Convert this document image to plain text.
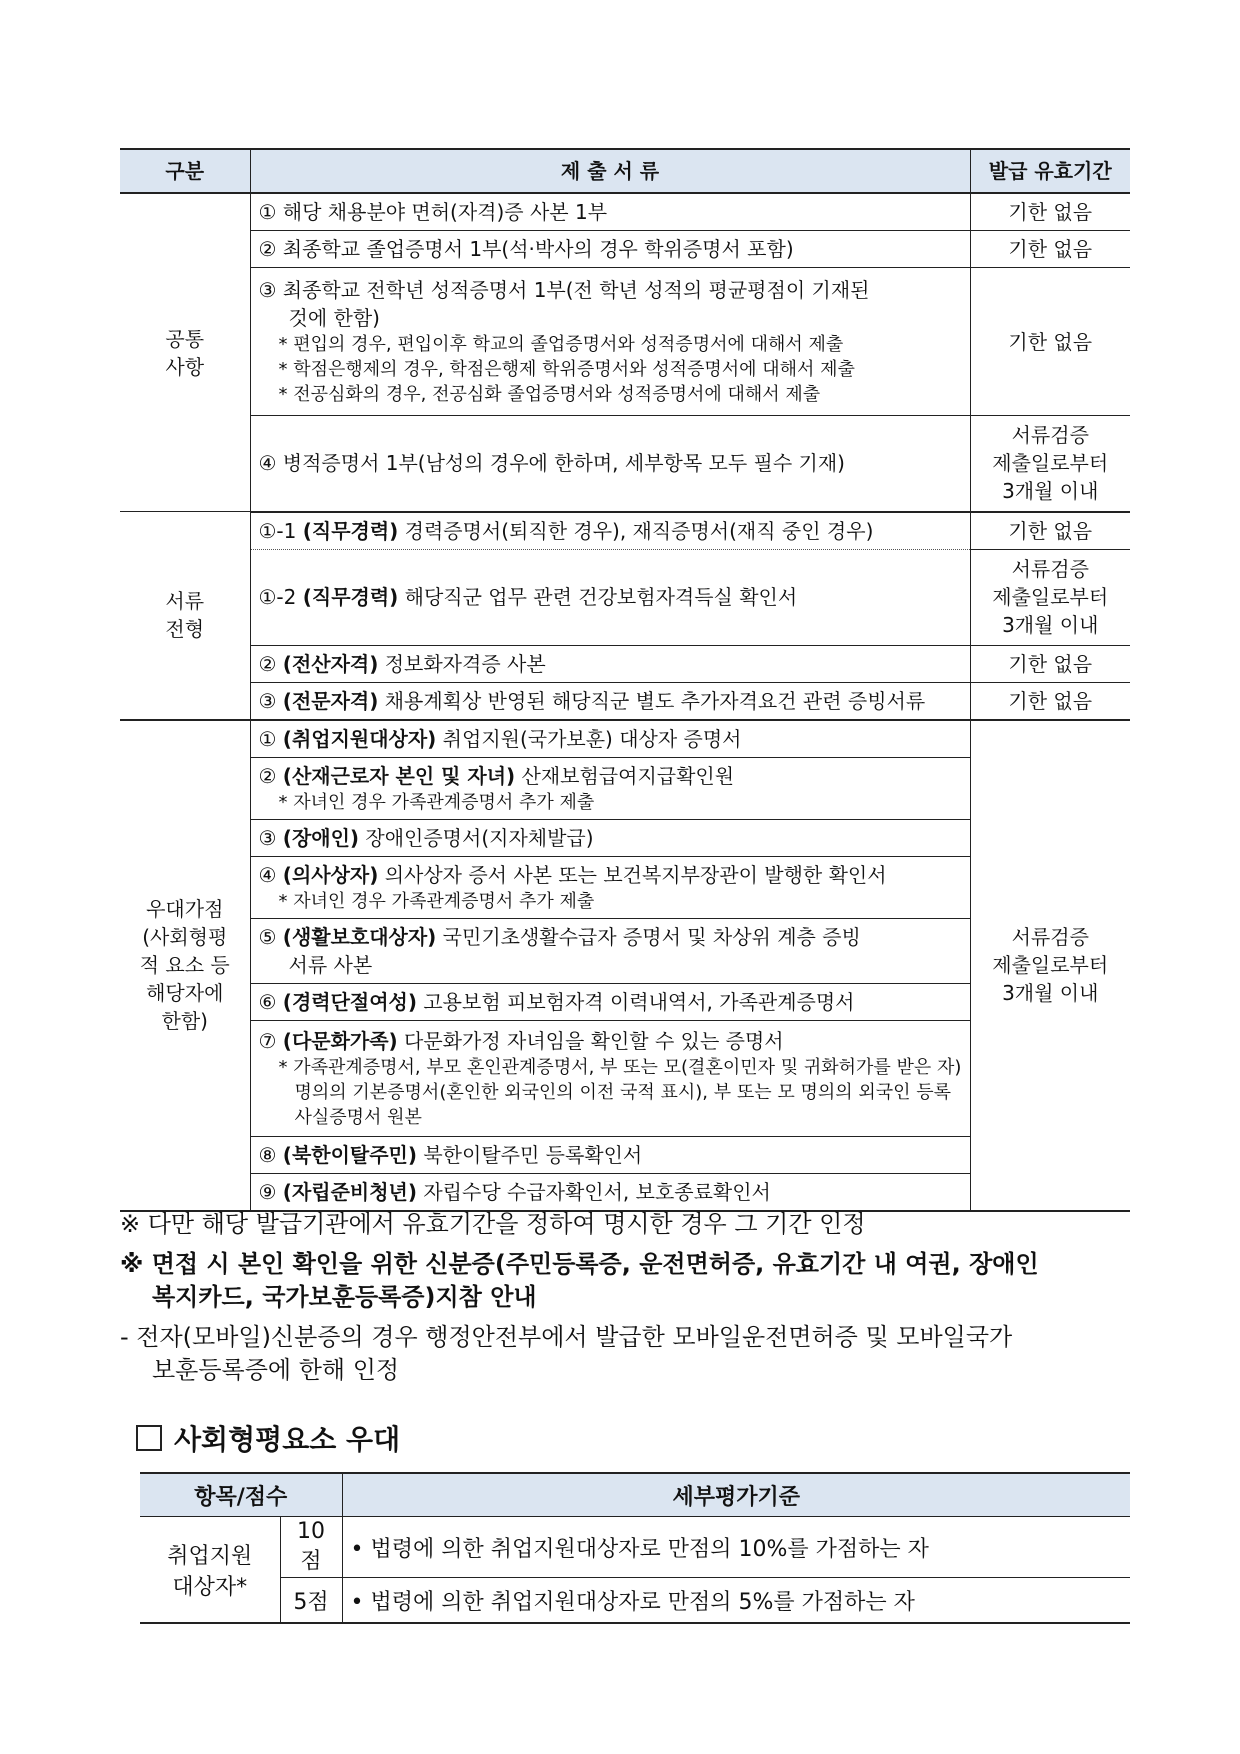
구분	제 출 서 류	발급 유효기간

공통
사항	① 해당 채용분야 면허(자격)증 사본 1부	기한 없음

	② 최종학교 졸업증명서 1부(석·박사의 경우 학위증명서 포함)	기한 없음

	③ 최종학교 전학년 성적증명서 1부(전 학년 성적의 평균평점이 기재된
것에 한함)
* 편입의 경우, 편입이후 학교의 졸업증명서와 성적증명서에 대해서 제출
* 학점은행제의 경우, 학점은행제 학위증명서와 성적증명서에 대해서 제출
* 전공심화의 경우, 전공심화 졸업증명서와 성적증명서에 대해서 제출	기한 없음

	④ 병적증명서 1부(남성의 경우에 한하며, 세부항목 모두 필수 기재)	서류검증
제출일로부터
3개월 이내

서류
전형	①-1 (직무경력) 경력증명서(퇴직한 경우), 재직증명서(재직 중인 경우)	기한 없음
	①-2 (직무경력) 해당직군 업무 관련 건강보험자격득실 확인서	서류검증
제출일로부터
3개월 이내

	② (전산자격) 정보화자격증 사본	기한 없음
	③ (전문자격) 채용계획상 반영된 해당직군 별도 추가자격요건 관련 증빙서류	기한 없음

우대가점
(사회형평
적 요소 등
해당자에
한함)	① (취업지원대상자) 취업지원(국가보훈) 대상자 증명서	서류검증
제출일로부터
3개월 이내

	② (산재근로자 본인 및 자녀) 산재보험급여지급확인원
* 자녀인 경우 가족관계증명서 추가 제출	

	③ (장애인) 장애인증명서(지자체발급)	
	④ (의사상자) 의사상자 증서 사본 또는 보건복지부장관이 발행한 확인서
* 자녀인 경우 가족관계증명서 추가 제출	

	⑤ (생활보호대상자) 국민기초생활수급자 증명서 및 차상위 계층 증빙
서류 사본	

	⑥ (경력단절여성) 고용보험 피보험자격 이력내역서, 가족관계증명서	
	⑦ (다문화가족) 다문화가정 자녀임을 확인할 수 있는 증명서
* 가족관계증명서, 부모 혼인관계증명서, 부 또는 모(결혼이민자 및 귀화허가를 받은 자) 명의의 기본증명서(혼인한 외국인의 이전 국적 표시), 부 또는 모 명의의 외국인 등록사실증명서 원본	

	⑧ (북한이탈주민) 북한이탈주민 등록확인서	
	⑨ (자립준비청년) 자립수당 수급자확인서, 보호종료확인서	

※ 다만 해당 발급기관에서 유효기간을 정하여 명시한 경우 그 기간 인정

※ 면접 시 본인 확인을 위한 신분증(주민등록증, 운전면허증, 유효기간 내 여권, 장애인
복지카드, 국가보훈등록증)지참 안내

- 전자(모바일)신분증의 경우 행정안전부에서 발급한 모바일운전면허증 및 모바일국가
보훈등록증에 한해 인정

사회형평요소 우대
항목/점수		세부평가기준

취업지원
대상자*	10점	• 법령에 의한 취업지원대상자로 만점의 10%를 가점하는 자
	5점	• 법령에 의한 취업지원대상자로 만점의 5%를 가점하는 자
